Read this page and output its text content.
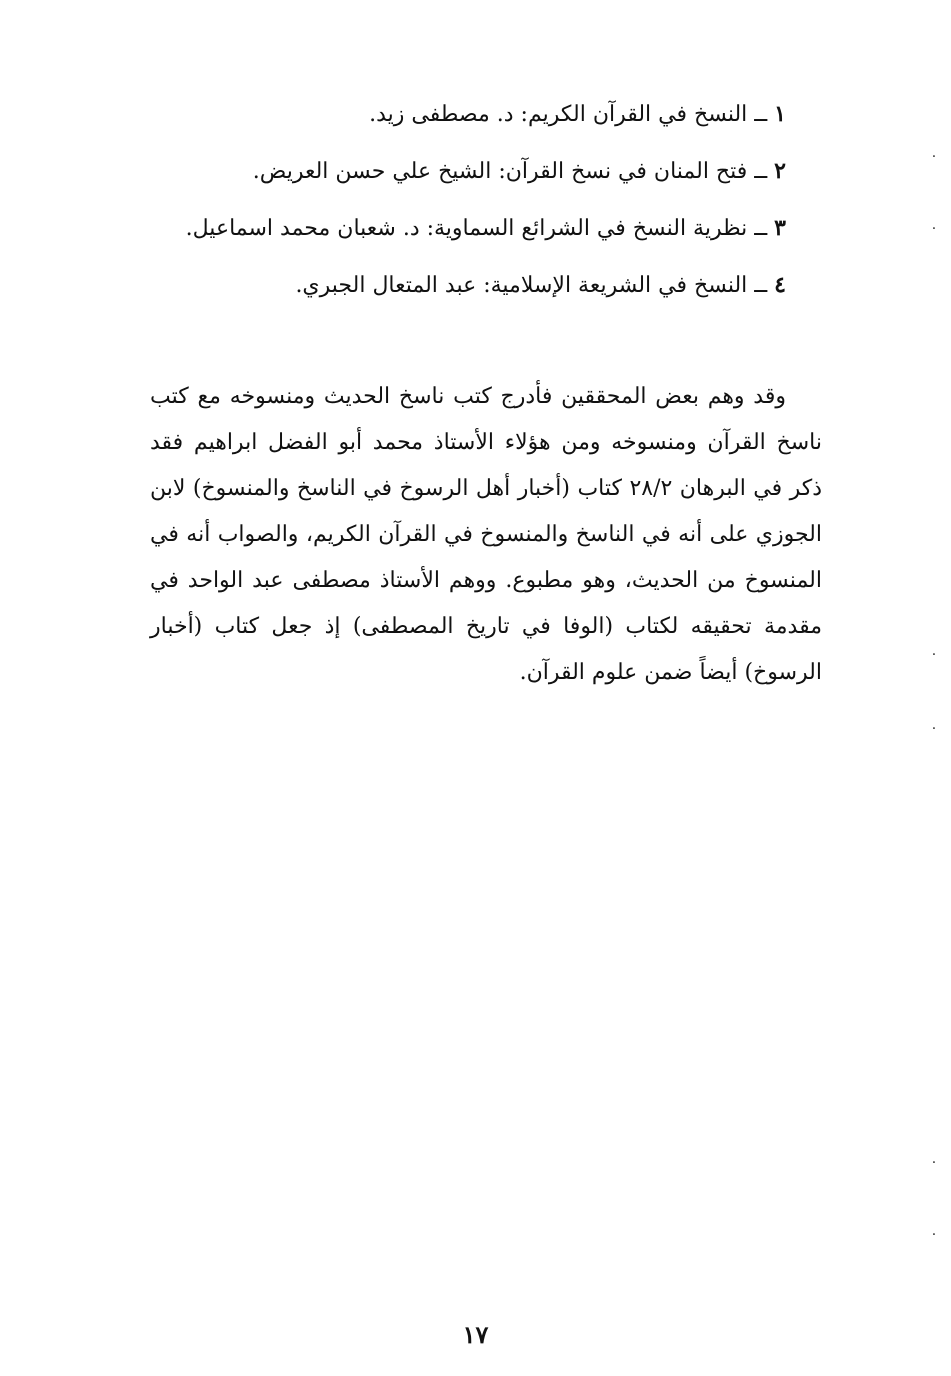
١ ــ النسخ في القرآن الكريم: د. مصطفى زيد.

٢ ــ فتح المنان في نسخ القرآن: الشيخ علي حسن العريض.

٣ ــ نظرية النسخ في الشرائع السماوية: د. شعبان محمد اسماعيل.

٤ ــ النسخ في الشريعة الإسلامية: عبد المتعال الجبري.

وقد وهم بعض المحققين فأدرج كتب ناسخ الحديث ومنسوخه مع كتب ناسخ القرآن ومنسوخه ومن هؤلاء الأستاذ محمد أبو الفضل ابراهيم فقد ذكر في البرهان ٢٨/٢ كتاب (أخبار أهل الرسوخ في الناسخ والمنسوخ) لابن الجوزي على أنه في الناسخ والمنسوخ في القرآن الكريم، والصواب أنه في المنسوخ من الحديث، وهو مطبوع. ووهم الأستاذ مصطفى عبد الواحد في مقدمة تحقيقه لكتاب (الوفا في تاريخ المصطفى) إذ جعل كتاب (أخبار الرسوخ) أيضاً ضمن علوم القرآن.
١٧
·
·
·
·
·
·
